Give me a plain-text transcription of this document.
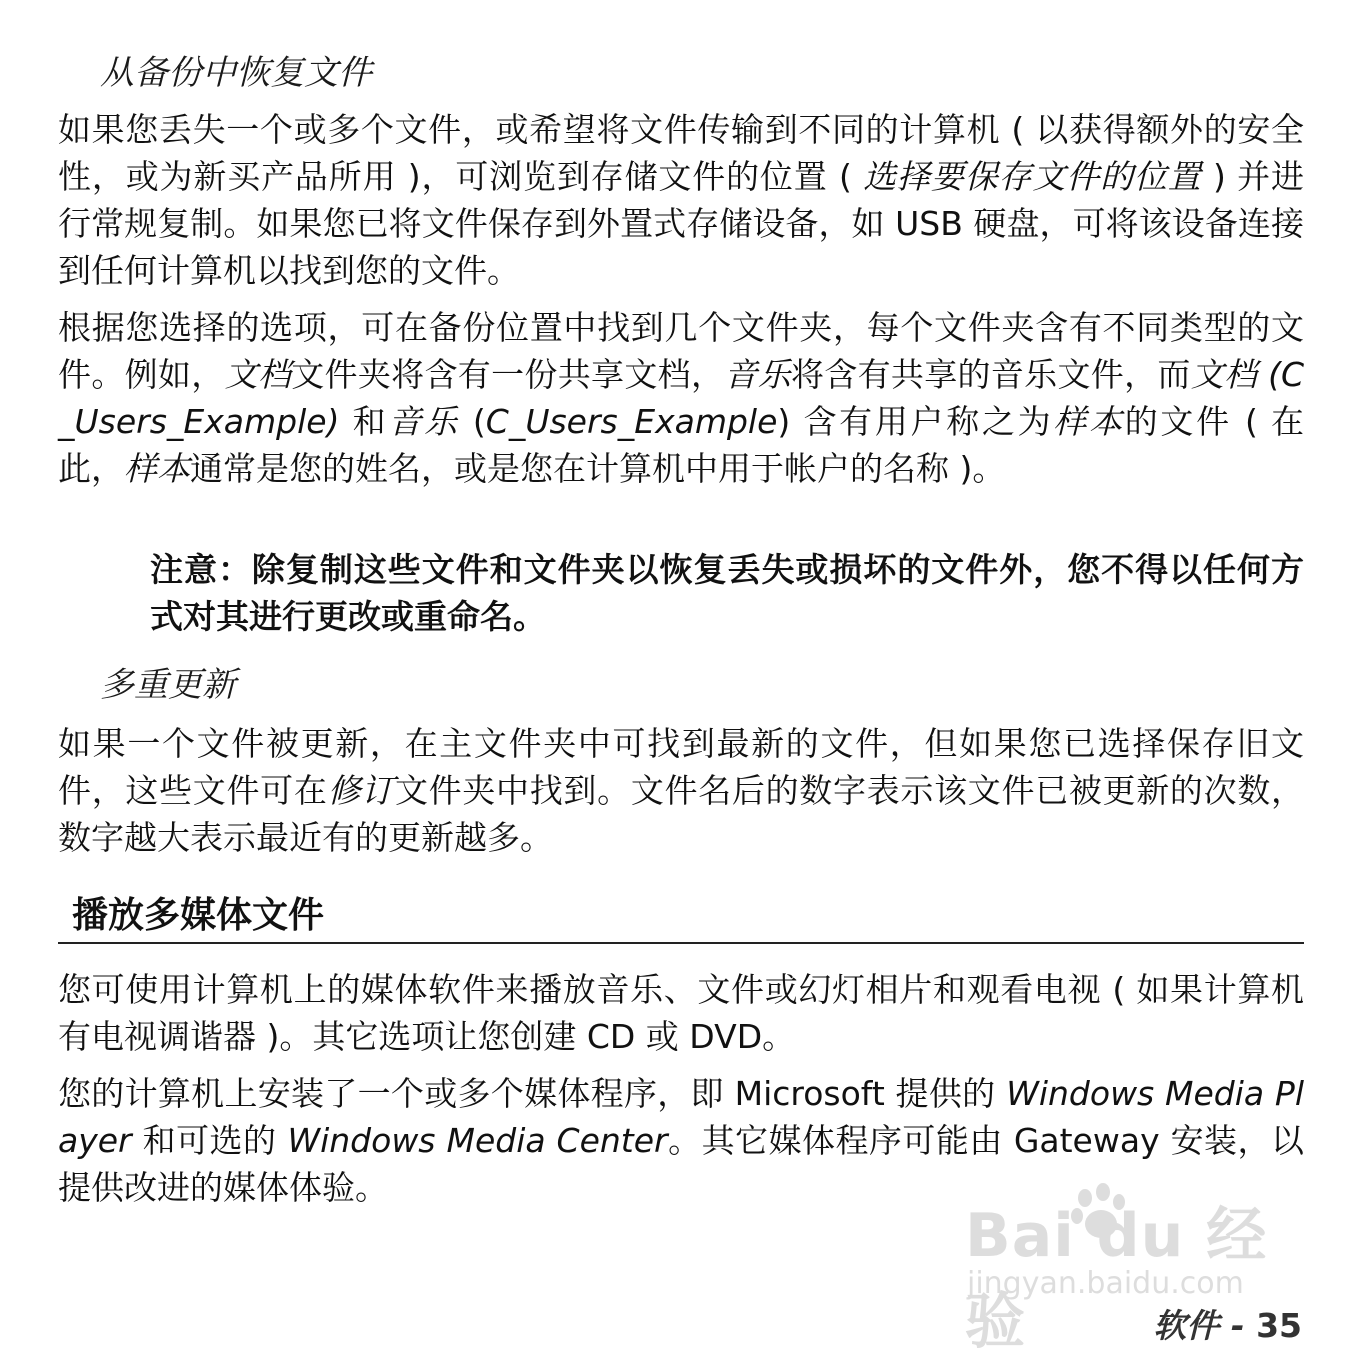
从备份中恢复文件
如果您丢失一个或多个文件，或希望将文件传输到不同的计算机 ( 以获得额外的安全性，或为新买产品所用 )，可浏览到存储文件的位置 ( 选择要保存文件的位置 ) 并进行常规复制。如果您已将文件保存到外置式存储设备，如 USB 硬盘，可将该设备连接到任何计算机以找到您的文件。
根据您选择的选项，可在备份位置中找到几个文件夹，每个文件夹含有不同类型的文件。例如，文档文件夹将含有一份共享文档，音乐将含有共享的音乐文件，而文档 (C_Users_Example) 和音乐 (C_Users_Example) 含有用户称之为样本的文件 ( 在此，样本通常是您的姓名，或是您在计算机中用于帐户的名称 )。
注意：除复制这些文件和文件夹以恢复丢失或损坏的文件外，您不得以任何方式对其进行更改或重命名。
多重更新
如果一个文件被更新，在主文件夹中可找到最新的文件，但如果您已选择保存旧文件，这些文件可在修订文件夹中找到。文件名后的数字表示该文件已被更新的次数，数字越大表示最近有的更新越多。
播放多媒体文件
您可使用计算机上的媒体软件来播放音乐、文件或幻灯相片和观看电视 ( 如果计算机有电视调谐器 )。其它选项让您创建 CD 或 DVD。
您的计算机上安装了一个或多个媒体程序，即 Microsoft 提供的 Windows Media Player 和可选的 Windows Media Center。其它媒体程序可能由 Gateway 安装，以提供改进的媒体体验。
Bai du 经验
jingyan.baidu.com
软件 - 35
